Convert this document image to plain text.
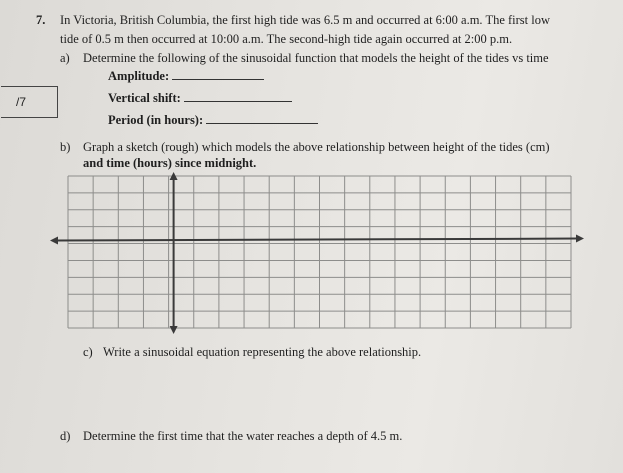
7. In Victoria, British Columbia, the first high tide was 6.5 m and occurred at 6:00 a.m. The first low
tide of 0.5 m then occurred at 10:00 a.m. The second-high tide again occurred at 2:00 p.m.
a) Determine the following of the sinusoidal function that models the height of the tides vs time
Amplitude:
Vertical shift:
Period (in hours):
/7
b) Graph a sketch (rough) which models the above relationship between height of the tides (cm)
and time (hours) since midnight.
c) Write a sinusoidal equation representing the above relationship.
d) Determine the first time that the water reaches a depth of 4.5 m.
